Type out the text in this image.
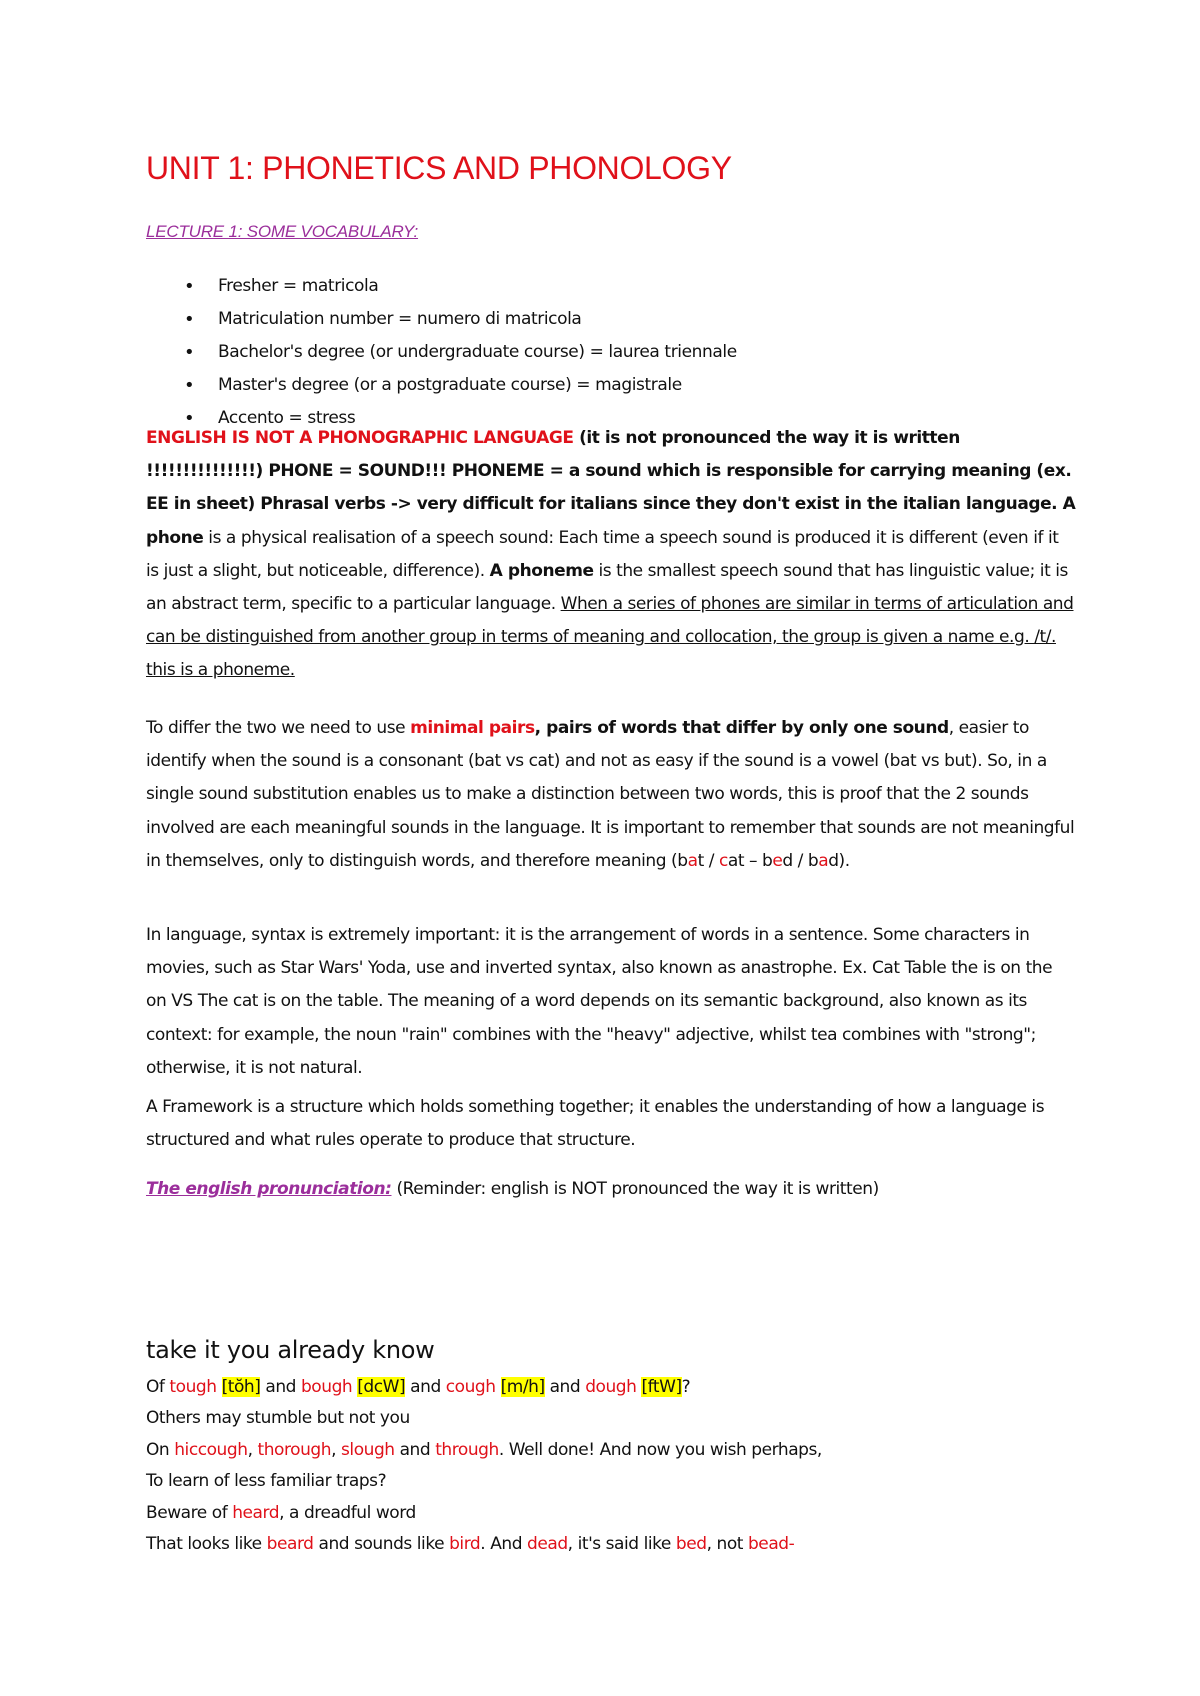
UNIT 1: PHONETICS AND PHONOLOGY
LECTURE 1: SOME VOCABULARY:
• Fresher = matricola
• Matriculation number = numero di matricola
• Bachelor's degree (or undergraduate course) = laurea triennale
• Master's degree (or a postgraduate course) = magistrale
• Accento = stress
ENGLISH IS NOT A PHONOGRAPHIC LANGUAGE (it is not pronounced the way it is written !!!!!!!!!!!!!!!) PHONE = SOUND!!! PHONEME = a sound which is responsible for carrying meaning (ex. EE in sheet) Phrasal verbs -> very difficult for italians since they don't exist in the italian language. A phone is a physical realisation of a speech sound: Each time a speech sound is produced it is different (even if it is just a slight, but noticeable, difference). A phoneme is the smallest speech sound that has linguistic value; it is an abstract term, specific to a particular language. When a series of phones are similar in terms of articulation and can be distinguished from another group in terms of meaning and collocation, the group is given a name e.g. /t/. this is a phoneme.
To differ the two we need to use minimal pairs, pairs of words that differ by only one sound, easier to identify when the sound is a consonant (bat vs cat) and not as easy if the sound is a vowel (bat vs but). So, in a single sound substitution enables us to make a distinction between two words, this is proof that the 2 sounds involved are each meaningful sounds in the language. It is important to remember that sounds are not meaningful in themselves, only to distinguish words, and therefore meaning (bat / cat – bed / bad).
In language, syntax is extremely important: it is the arrangement of words in a sentence. Some characters in movies, such as Star Wars' Yoda, use and inverted syntax, also known as anastrophe. Ex. Cat Table the is on the on VS The cat is on the table. The meaning of a word depends on its semantic background, also known as its context: for example, the noun "rain" combines with the "heavy" adjective, whilst tea combines with "strong"; otherwise, it is not natural.
A Framework is a structure which holds something together; it enables the understanding of how a language is structured and what rules operate to produce that structure.
The english pronunciation: (Reminder: english is NOT pronounced the way it is written)
take it you already know
Of tough [tŏh] and bough [dcW] and cough [m/h] and dough [ftW]?
Others may stumble but not you
On hiccough, thorough, slough and through. Well done! And now you wish perhaps,
To learn of less familiar traps?
Beware of heard, a dreadful word
That looks like beard and sounds like bird. And dead, it's said like bed, not bead-
